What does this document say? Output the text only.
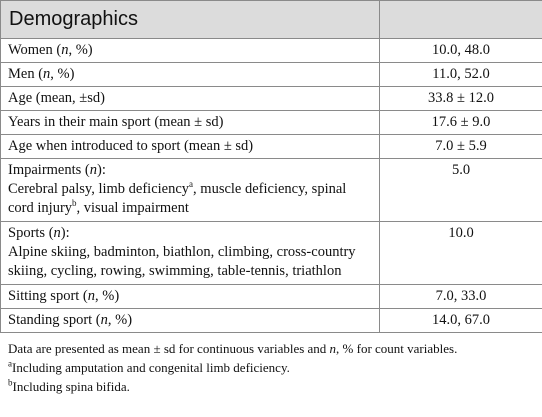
Demographics	
Women (n, %)	10.0, 48.0
Men (n, %)	11.0, 52.0
Age (mean, ±sd)	33.8 ± 12.0
Years in their main sport (mean ± sd)	17.6 ± 9.0
Age when introduced to sport (mean ± sd)	7.0 ± 5.9
Impairments (n):
Cerebral palsy, limb deficiency$^a$, muscle deficiency, spinal cord injury$^b$, visual impairment	5.0
Sports (n):
Alpine skiing, badminton, biathlon, climbing, cross-country skiing, cycling, rowing, swimming, table-tennis, triathlon	10.0
Sitting sport (n, %)	7.0, 33.0
Standing sport (n, %)	14.0, 67.0

Data are presented as mean ± sd for continuous variables and n, % for count variables.

$^a$Including amputation and congenital limb deficiency.

$^b$Including spina bifida.
